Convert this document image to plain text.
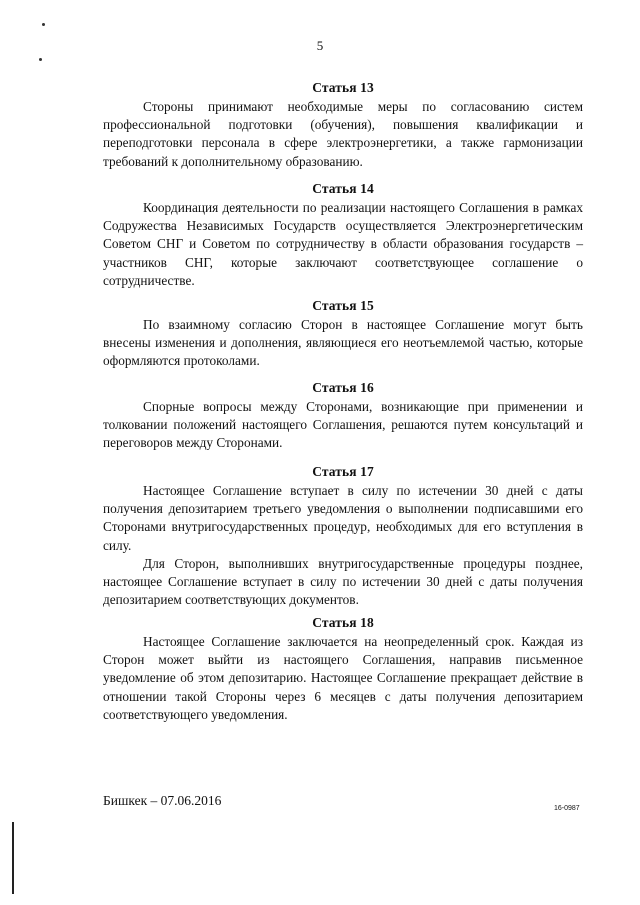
5
Статья 13

Стороны принимают необходимые меры по согласованию систем профессиональной подготовки (обучения), повышения квалификации и переподготовки персонала в сфере электроэнергетики, а также гармонизации требований к дополнительному образованию.

Статья 14

Координация деятельности по реализации настоящего Соглашения в рамках Содружества Независимых Государств осуществляется Электроэнергетическим Советом СНГ и Советом по сотрудничеству в области образования государств – участников СНГ, которые заключают соответствующее соглашение о сотрудничестве.

Статья 15

По взаимному согласию Сторон в настоящее Соглашение могут быть внесены изменения и дополнения, являющиеся его неотъемлемой частью, которые оформляются протоколами.

Статья 16

Спорные вопросы между Сторонами, возникающие при применении и толковании положений настоящего Соглашения, решаются путем консультаций и переговоров между Сторонами.

Статья 17

Настоящее Соглашение вступает в силу по истечении 30 дней с даты получения депозитарием третьего уведомления о выполнении подписавшими его Сторонами внутригосударственных процедур, необходимых для его вступления в силу.

Для Сторон, выполнивших внутригосударственные процедуры позднее, настоящее Соглашение вступает в силу по истечении 30 дней с даты получения депозитарием соответствующих документов.

Статья 18

Настоящее Соглашение заключается на неопределенный срок. Каждая из Сторон может выйти из настоящего Соглашения, направив письменное уведомление об этом депозитарию. Настоящее Соглашение прекращает действие в отношении такой Стороны через 6 месяцев с даты получения депозитарием соответствующего уведомления.

Бишкек – 07.06.2016
16-0987
